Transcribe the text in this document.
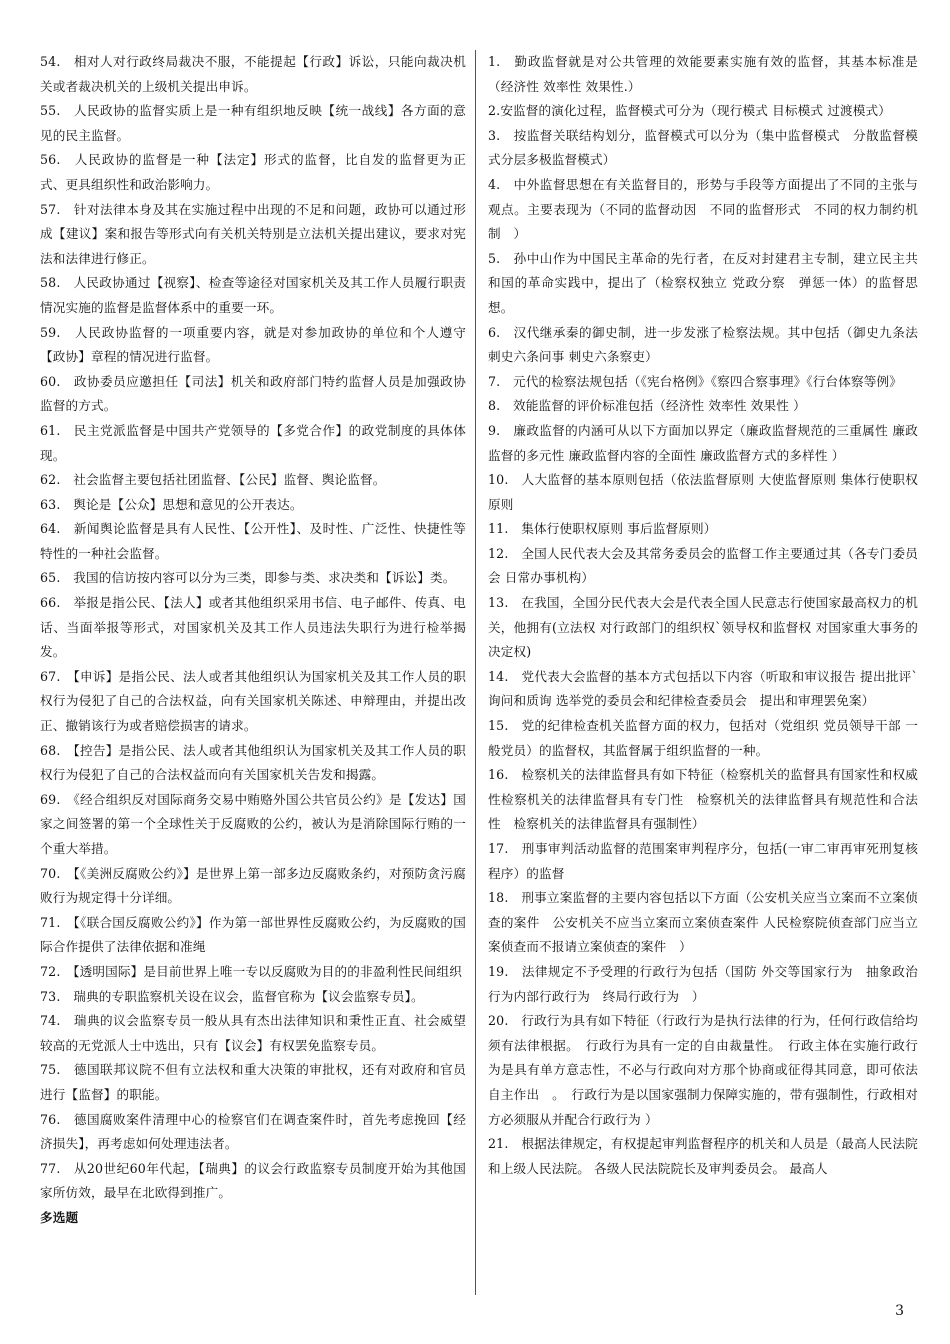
54.　相对人对行政终局裁决不服，不能提起【行政】诉讼，只能向裁决机关或者裁决机关的上级机关提出申诉。

55.　人民政协的监督实质上是一种有组织地反映【统一战线】各方面的意见的民主监督。

56.　人民政协的监督是一种【法定】形式的监督，比自发的监督更为正式、更具组织性和政治影响力。

57.　针对法律本身及其在实施过程中出现的不足和问题，政协可以通过形成【建议】案和报告等形式向有关机关特别是立法机关提出建议，要求对宪法和法律进行修正。

58.　人民政协通过【视察】、检查等途径对国家机关及其工作人员履行职责情况实施的监督是监督体系中的重要一环。

59.　人民政协监督的一项重要内容，就是对参加政协的单位和个人遵守【政协】章程的情况进行监督。

60.　政协委员应邀担任【司法】机关和政府部门特约监督人员是加强政协监督的方式。

61.　民主党派监督是中国共产党领导的【多党合作】的政党制度的具体体现。

62.　社会监督主要包括社团监督、【公民】监督、舆论监督。

63.　舆论是【公众】思想和意见的公开表达。

64.　新闻舆论监督是具有人民性、【公开性】、及时性、广泛性、快捷性等特性的一种社会监督。

65.　我国的信访按内容可以分为三类，即参与类、求决类和【诉讼】类。

66.　举报是指公民、【法人】或者其他组织采用书信、电子邮件、传真、电话、当面举报等形式，对国家机关及其工作人员违法失职行为进行检举揭发。

67.　【申诉】是指公民、法人或者其他组织认为国家机关及其工作人员的职权行为侵犯了自己的合法权益，向有关国家机关陈述、申辩理由，并提出改正、撤销该行为或者赔偿损害的请求。

68.　【控告】是指公民、法人或者其他组织认为国家机关及其工作人员的职权行为侵犯了自己的合法权益而向有关国家机关告发和揭露。

69.　《经合组织反对国际商务交易中贿赂外国公共官员公约》是【发达】国家之间签署的第一个全球性关于反腐败的公约，被认为是消除国际行贿的一个重大举措。

70.　【《美洲反腐败公约》】是世界上第一部多边反腐败条约，对预防贪污腐败行为规定得十分详细。

71.　【《联合国反腐败公约》】作为第一部世界性反腐败公约，为反腐败的国际合作提供了法律依据和准绳

72.　【透明国际】是目前世界上唯一专以反腐败为目的的非盈利性民间组织

73.　瑞典的专职监察机关设在议会，监督官称为【议会监察专员】。

74.　瑞典的议会监察专员一般从具有杰出法律知识和秉性正直、社会威望较高的无党派人士中选出，只有【议会】有权罢免监察专员。

75.　德国联邦议院不但有立法权和重大决策的审批权，还有对政府和官员进行【监督】的职能。

76.　德国腐败案件清理中心的检察官们在调查案件时，首先考虑挽回【经济损失】，再考虑如何处理违法者。

77.　从20世纪60年代起，【瑞典】的议会行政监察专员制度开始为其他国家所仿效，最早在北欧得到推广。

多选题

1.　勤政监督就是对公共管理的效能要素实施有效的监督，其基本标准是（经济性 效率性 效果性.）

2.安监督的演化过程，监督模式可分为（现行模式 目标模式 过渡模式）

3.　按监督关联结构划分，监督模式可以分为（集中监督模式　分散监督模式分层多极监督模式）

4.　中外监督思想在有关监督目的，形势与手段等方面提出了不同的主张与观点。主要表现为（不同的监督动因　不同的监督形式　不同的权力制约机制　）

5.　孙中山作为中国民主革命的先行者，在反对封建君主专制，建立民主共和国的革命实践中，提出了（检察权独立 党政分察　弹惩一体）的监督思想。

6.　汉代继承秦的御史制，进一步发涨了检察法规。其中包括（御史九条法 刺史六条问事 刺史六条察吏）

7.　元代的检察法规包括（《宪台格例》《察四合察事理》《行台体察等例》

8.　效能监督的评价标准包括（经济性 效率性 效果性 ）

9.　廉政监督的内涵可从以下方面加以界定（廉政监督规范的三重属性 廉政监督的多元性 廉政监督内容的全面性 廉政监督方式的多样性 ）

10.　人大监督的基本原则包括（依法监督原则 大使监督原则 集体行使职权原则

11.　集体行使职权原则 事后监督原则）

12.　全国人民代表大会及其常务委员会的监督工作主要通过其（各专门委员会 日常办事机构）

13.　在我国，全国分民代表大会是代表全国人民意志行使国家最高权力的机关，他拥有(立法权 对行政部门的组织权`领导权和监督权 对国家重大事务的决定权)

14.　党代表大会监督的基本方式包括以下内容（听取和审议报告 提出批评`询问和质询 选举党的委员会和纪律检查委员会　提出和审理罢免案）

15.　党的纪律检查机关监督方面的权力，包括对（党组织 党员领导干部 一般党员）的监督权，其监督属于组织监督的一种。

16.　检察机关的法律监督具有如下特征（检察机关的监督具有国家性和权威性检察机关的法律监督具有专门性　检察机关的法律监督具有规范性和合法性　检察机关的法律监督具有强制性）

17.　刑事审判活动监督的范围案审判程序分，包括(一审二审再审死刑复核程序）的监督

18.　刑事立案监督的主要内容包括以下方面（公安机关应当立案而不立案侦查的案件　公安机关不应当立案而立案侦查案件 人民检察院侦查部门应当立案侦查而不报请立案侦查的案件　）

19.　法律规定不予受理的行政行为包括（国防 外交等国家行为　抽象政治行为内部行政行为　终局行政行为　）

20.　行政行为具有如下特征（行政行为是执行法律的行为，任何行政信给均须有法律根据。　行政行为具有一定的自由裁量性。　行政主体在实施行政行为是具有单方意志性，不必与行政向对方那个协商或征得其同意，即可依法自主作出　。　行政行为是以国家强制力保障实施的，带有强制性，行政相对方必须服从并配合行政行为 ）

21.　根据法律规定，有权提起审判监督程序的机关和人员是（最高人民法院和上级人民法院。 各级人民法院院长及审判委员会。 最高人

3
